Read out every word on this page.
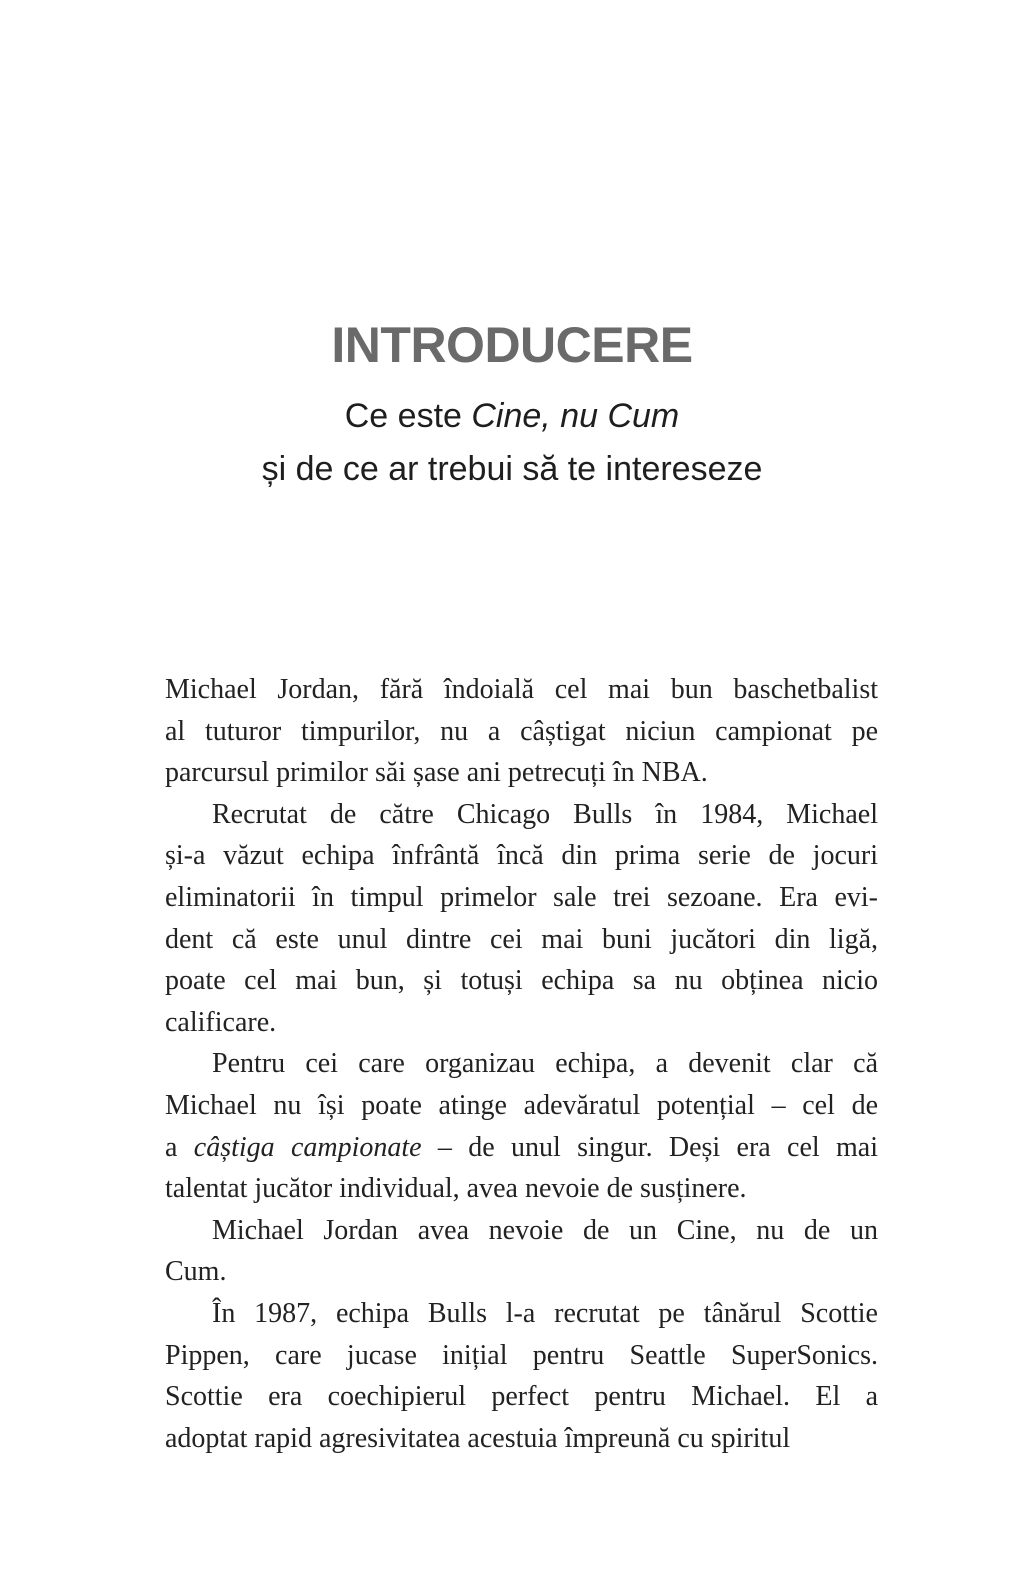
INTRODUCERE
Ce este Cine, nu Cum
și de ce ar trebui să te intereseze
Michael Jordan, fără îndoială cel mai bun baschetbalist
al tuturor timpurilor, nu a câștigat niciun campionat pe
parcursul primilor săi șase ani petrecuți în NBA.
Recrutat de către Chicago Bulls în 1984, Michael
și-a văzut echipa înfrântă încă din prima serie de jocuri
eliminatorii în timpul primelor sale trei sezoane. Era evi-
dent că este unul dintre cei mai buni jucători din ligă,
poate cel mai bun, și totuși echipa sa nu obținea nicio
calificare.
Pentru cei care organizau echipa, a devenit clar că
Michael nu își poate atinge adevăratul potențial – cel de
a câștiga campionate – de unul singur. Deși era cel mai
talentat jucător individual, avea nevoie de susținere.
Michael Jordan avea nevoie de un Cine, nu de un
Cum.
În 1987, echipa Bulls l-a recrutat pe tânărul Scottie
Pippen, care jucase inițial pentru Seattle SuperSonics.
Scottie era coechipierul perfect pentru Michael. El a
adoptat rapid agresivitatea acestuia împreună cu spiritul
